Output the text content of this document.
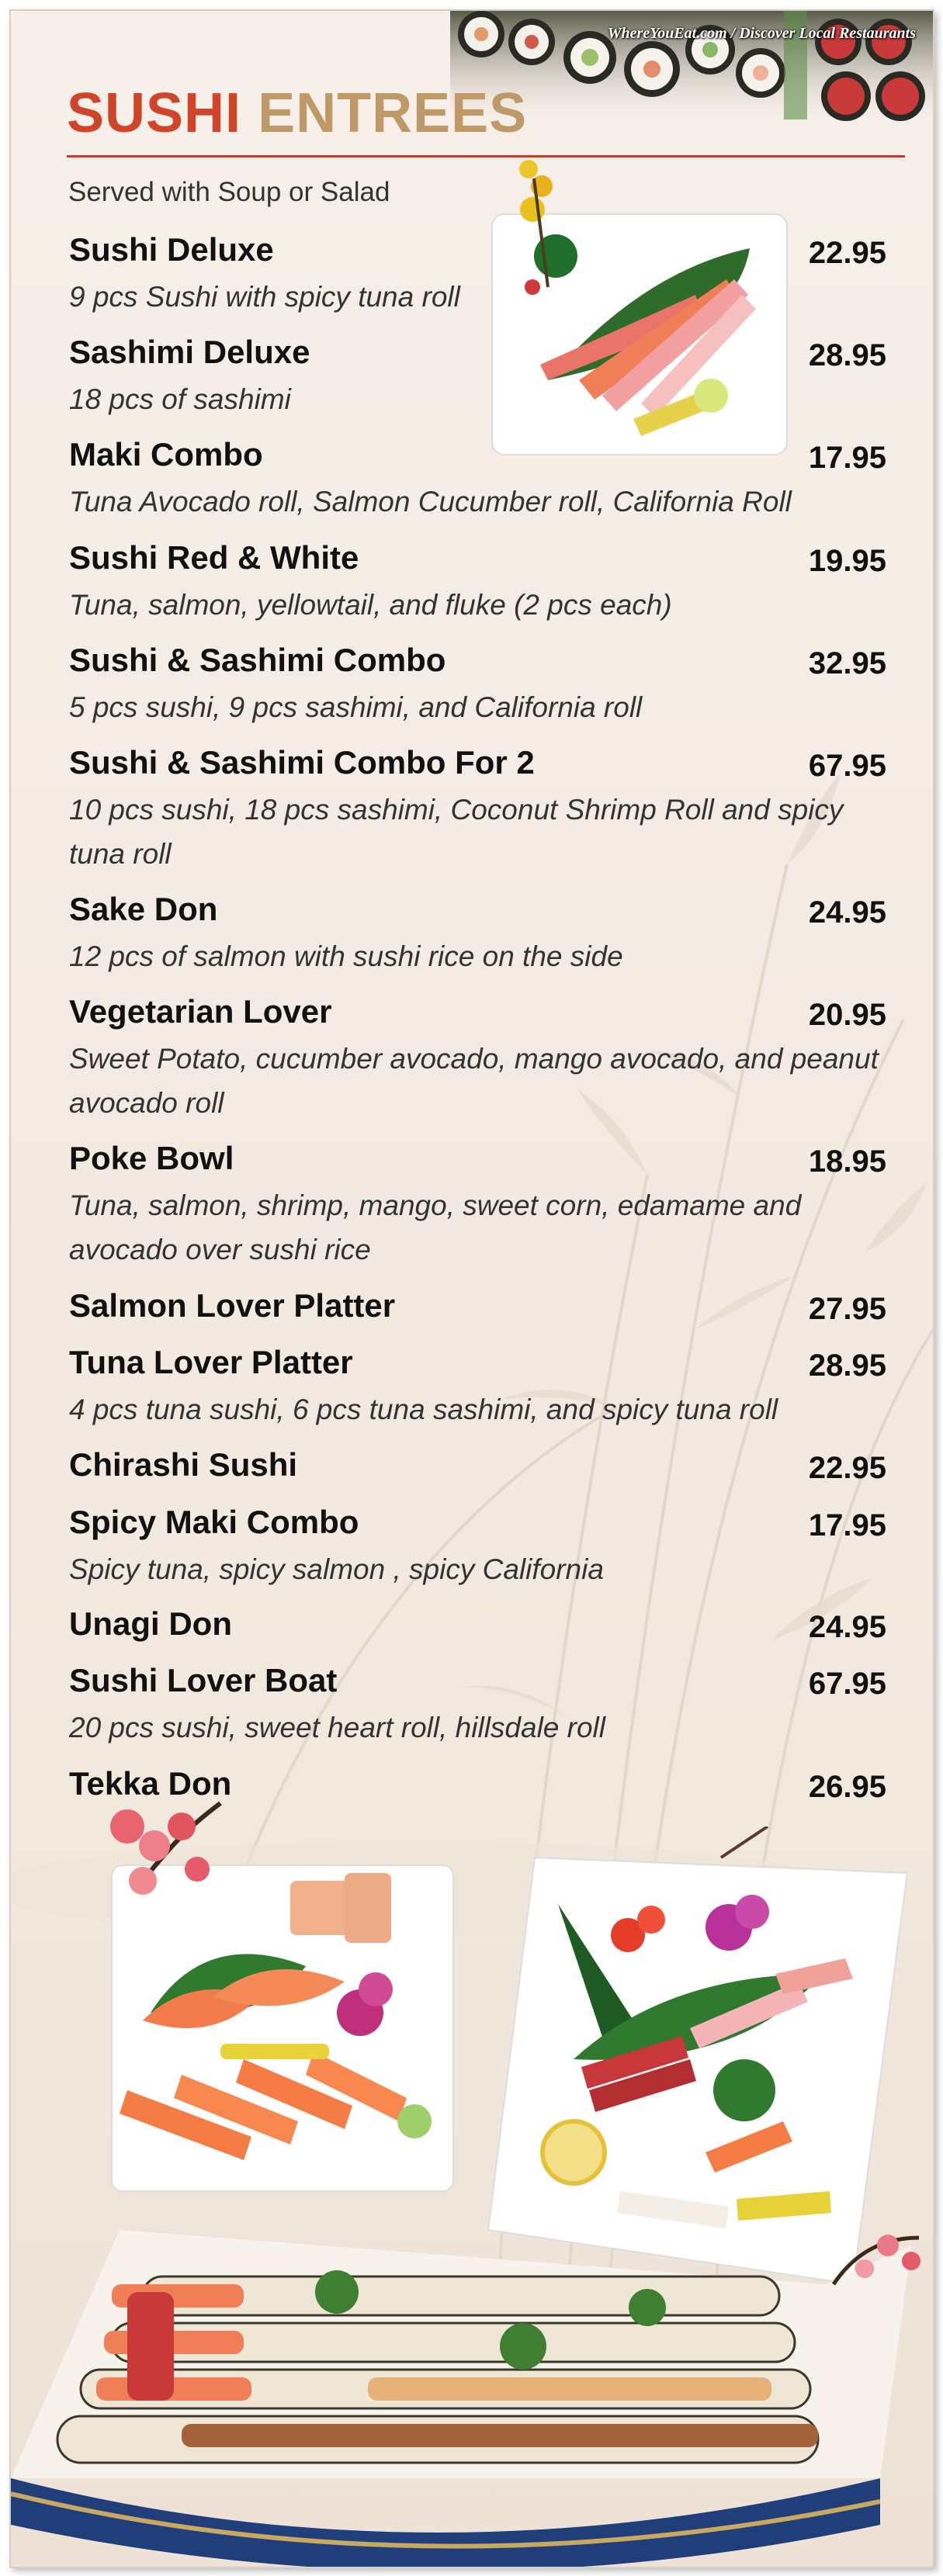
WhereYouEat.com / Discover Local Restaurants
SUSHI ENTREES
Served with Soup or Salad
Sushi Deluxe
9 pcs Sushi with spicy tuna roll
Sashimi Deluxe
18 pcs of sashimi
Maki Combo
Tuna Avocado roll, Salmon Cucumber roll, California Roll
Sushi Red & White
Tuna, salmon, yellowtail, and fluke (2 pcs each)
Sushi & Sashimi Combo
5 pcs sushi, 9 pcs sashimi, and California roll
Sushi & Sashimi Combo For 2
10 pcs sushi, 18 pcs sashimi, Coconut Shrimp Roll and spicy tuna roll
Sake Don
12 pcs of salmon with sushi rice on the side
Vegetarian Lover
Sweet Potato, cucumber avocado, mango avocado, and peanut avocado roll
Poke Bowl
Tuna, salmon, shrimp, mango, sweet corn, edamame and avocado over sushi rice
Salmon Lover Platter
Tuna Lover Platter
4 pcs tuna sushi, 6 pcs tuna sashimi, and spicy tuna roll
Chirashi Sushi
Spicy Maki Combo
Spicy tuna, spicy salmon , spicy California
Unagi Don
Sushi Lover Boat
20 pcs sushi, sweet heart roll, hillsdale roll
Tekka Don
22.95
28.95
17.95
19.95
32.95
67.95
24.95
20.95
18.95
27.95
28.95
22.95
17.95
24.95
67.95
26.95
